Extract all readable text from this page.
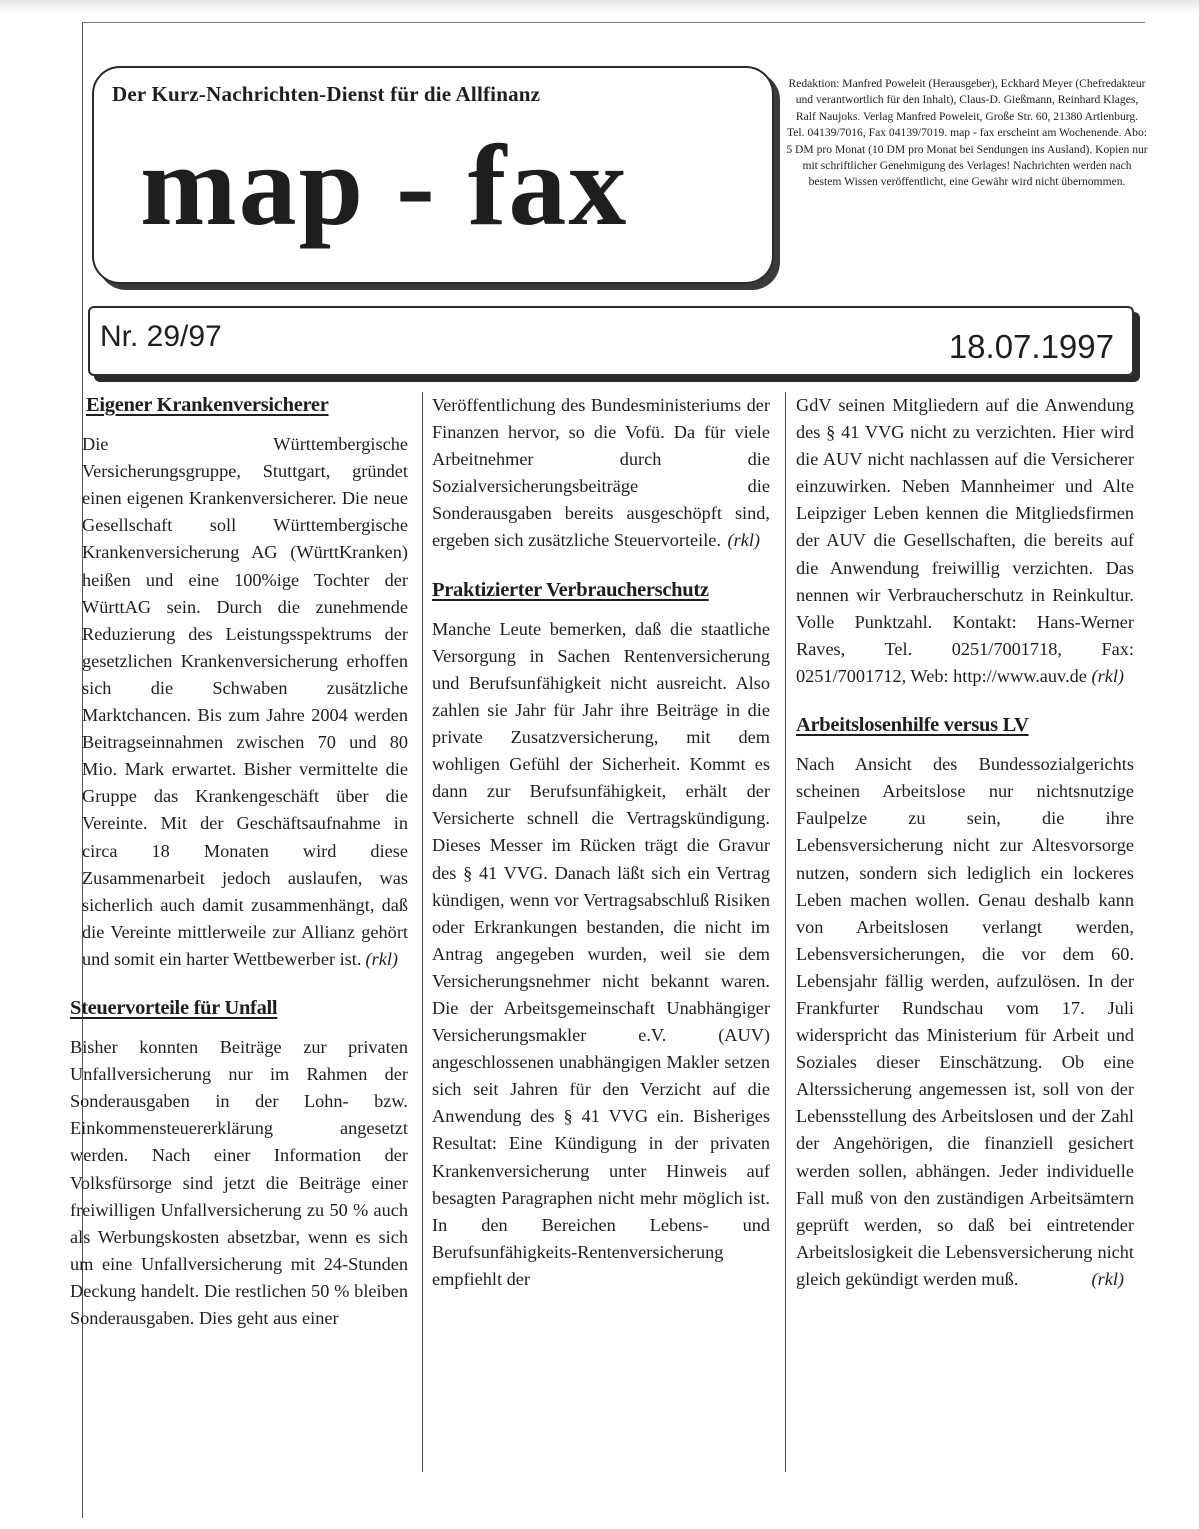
Der Kurz-Nachrichten-Dienst für die Allfinanz
map - fax
Redaktion: Manfred Poweleit (Herausgeber), Eckhard Meyer (Chefredakteur und verantwortlich für den Inhalt), Claus-D. Gießmann, Reinhard Klages, Ralf Naujoks. Verlag Manfred Poweleit, Große Str. 60, 21380 Artlenburg. Tel. 04139/7016, Fax 04139/7019. map - fax erscheint am Wochenende. Abo: 5 DM pro Monat (10 DM pro Monat bei Sendungen ins Ausland). Kopien nur mit schriftlicher Genehmigung des Verlages! Nachrichten werden nach bestem Wissen veröffentlicht, eine Gewähr wird nicht übernommen.
Nr. 29/97	18.07.1997
Eigener Krankenversicherer

Die Württembergische Versicherungsgruppe, Stuttgart, gründet einen eigenen Krankenversicherer. Die neue Gesellschaft soll Württembergische Krankenversicherung AG (WürttKranken) heißen und eine 100%ige Tochter der WürttAG sein. Durch die zunehmende Reduzierung des Leistungsspektrums der gesetzlichen Krankenversicherung erhoffen sich die Schwaben zusätzliche Marktchancen. Bis zum Jahre 2004 werden Beitragseinnahmen zwischen 70 und 80 Mio. Mark erwartet. Bisher vermittelte die Gruppe das Krankengeschäft über die Vereinte. Mit der Geschäftsaufnahme in circa 18 Monaten wird diese Zusammenarbeit jedoch auslaufen, was sicherlich auch damit zusammenhängt, daß die Vereinte mittlerweile zur Allianz gehört und somit ein harter Wettbewerber ist. (rkl)

Steuervorteile für Unfall

Bisher konnten Beiträge zur privaten Unfallversicherung nur im Rahmen der Sonderausgaben in der Lohn- bzw. Einkommensteuererklärung angesetzt werden. Nach einer Information der Volksfürsorge sind jetzt die Beiträge einer freiwilligen Unfallversicherung zu 50 % auch als Werbungskosten absetzbar, wenn es sich um eine Unfallversicherung mit 24-Stunden Deckung handelt. Die restlichen 50 % bleiben Sonderausgaben. Dies geht aus einer

Veröffentlichung des Bundesministeriums der Finanzen hervor, so die Vofü. Da für viele Arbeitnehmer durch die Sozialversicherungsbeiträge die Sonderausgaben bereits ausgeschöpft sind, ergeben sich zusätzliche Steuervorteile. (rkl)

Praktizierter Verbraucherschutz

Manche Leute bemerken, daß die staatliche Versorgung in Sachen Rentenversicherung und Berufsunfähigkeit nicht ausreicht. Also zahlen sie Jahr für Jahr ihre Beiträge in die private Zusatzversicherung, mit dem wohligen Gefühl der Sicherheit. Kommt es dann zur Berufsunfähigkeit, erhält der Versicherte schnell die Vertragskündigung. Dieses Messer im Rücken trägt die Gravur des § 41 VVG. Danach läßt sich ein Vertrag kündigen, wenn vor Vertragsabschluß Risiken oder Erkrankungen bestanden, die nicht im Antrag angegeben wurden, weil sie dem Versicherungsnehmer nicht bekannt waren. Die der Arbeitsgemeinschaft Unabhängiger Versicherungsmakler e.V. (AUV) angeschlossenen unabhängigen Makler setzen sich seit Jahren für den Verzicht auf die Anwendung des § 41 VVG ein. Bisheriges Resultat: Eine Kündigung in der privaten Krankenversicherung unter Hinweis auf besagten Paragraphen nicht mehr möglich ist. In den Bereichen Lebens- und Berufsunfähigkeits-Rentenversicherung empfiehlt der

GdV seinen Mitgliedern auf die Anwendung des § 41 VVG nicht zu verzichten. Hier wird die AUV nicht nachlassen auf die Versicherer einzuwirken. Neben Mannheimer und Alte Leipziger Leben kennen die Mitgliedsfirmen der AUV die Gesellschaften, die bereits auf die Anwendung freiwillig verzichten. Das nennen wir Verbraucherschutz in Reinkultur. Volle Punktzahl. Kontakt: Hans-Werner Raves, Tel. 0251/7001718, Fax: 0251/7001712, Web: http://www.auv.de (rkl)

Arbeitslosenhilfe versus LV

Nach Ansicht des Bundessozialgerichts scheinen Arbeitslose nur nichtsnutzige Faulpelze zu sein, die ihre Lebensversicherung nicht zur Altesvorsorge nutzen, sondern sich lediglich ein lockeres Leben machen wollen. Genau deshalb kann von Arbeitslosen verlangt werden, Lebensversicherungen, die vor dem 60. Lebensjahr fällig werden, aufzulösen. In der Frankfurter Rundschau vom 17. Juli widerspricht das Ministerium für Arbeit und Soziales dieser Einschätzung. Ob eine Alterssicherung angemessen ist, soll von der Lebensstellung des Arbeitslosen und der Zahl der Angehörigen, die finanziell gesichert werden sollen, abhängen. Jeder individuelle Fall muß von den zuständigen Arbeitsämtern geprüft werden, so daß bei eintretender Arbeitslosigkeit die Lebensversicherung nicht gleich gekündigt werden muß.	(rkl)
